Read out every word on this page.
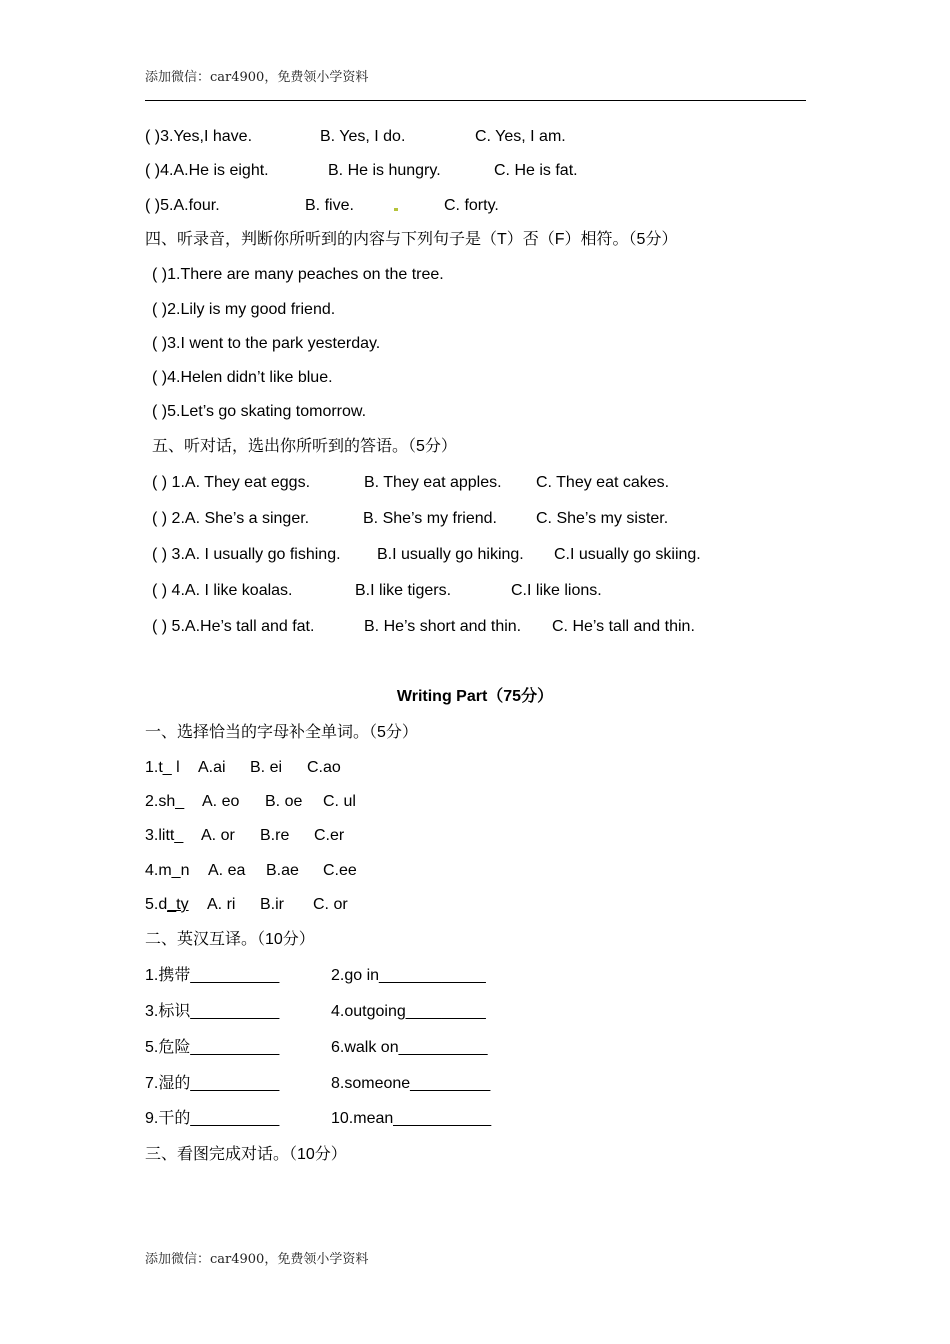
添加微信：car4900，免费领小学资料
( )3.Yes,I have.	B. Yes, I do.	C. Yes, I am.
( )4.A.He is eight.	B. He is hungry.	C. He is fat.
( )5.A.four.	B. five.	C. forty.
四、听录音，判断你所听到的内容与下列句子是（T）否（F）相符。（5分）
( )1.There are many peaches on the tree.
( )2.Lily is my good friend.
( )3.I went to the park yesterday.
( )4.Helen didn’t like blue.
( )5.Let’s go skating tomorrow.
五、听对话，选出你所听到的答语。（5分）
( ) 1.A. They eat eggs.	B. They eat apples. C. They eat cakes.
( ) 2.A. She’s a singer.	B. She’s my friend. C. She’s my sister.
( ) 3.A. I usually go fishing. B.I usually go hiking. C.I usually go skiing.
( ) 4.A. I like koalas.	B.I like tigers.	C.I like lions.
( ) 5.A.He’s tall and fat.	B. He’s short and thin. C. He’s tall and thin.
Writing Part（75分）
一、选择恰当的字母补全单词。（5分）
1.t_ l A.ai B. ei C.ao
2.sh_ A. eo B. oe C. ul
3.litt_ A. or B.re C.er
4.m_n A. ea B.ae C.ee
5.d_ty A. ri B.ir C. or
二、英汉互译。（10分）
1.携带__________	2.go in____________
3.标识__________	4.outgoing_________
5.危险__________	6.walk on__________
7.湿的__________	8.someone_________
9.干的__________	10.mean___________
三、看图完成对话。（10分）
添加微信：car4900，免费领小学资料
